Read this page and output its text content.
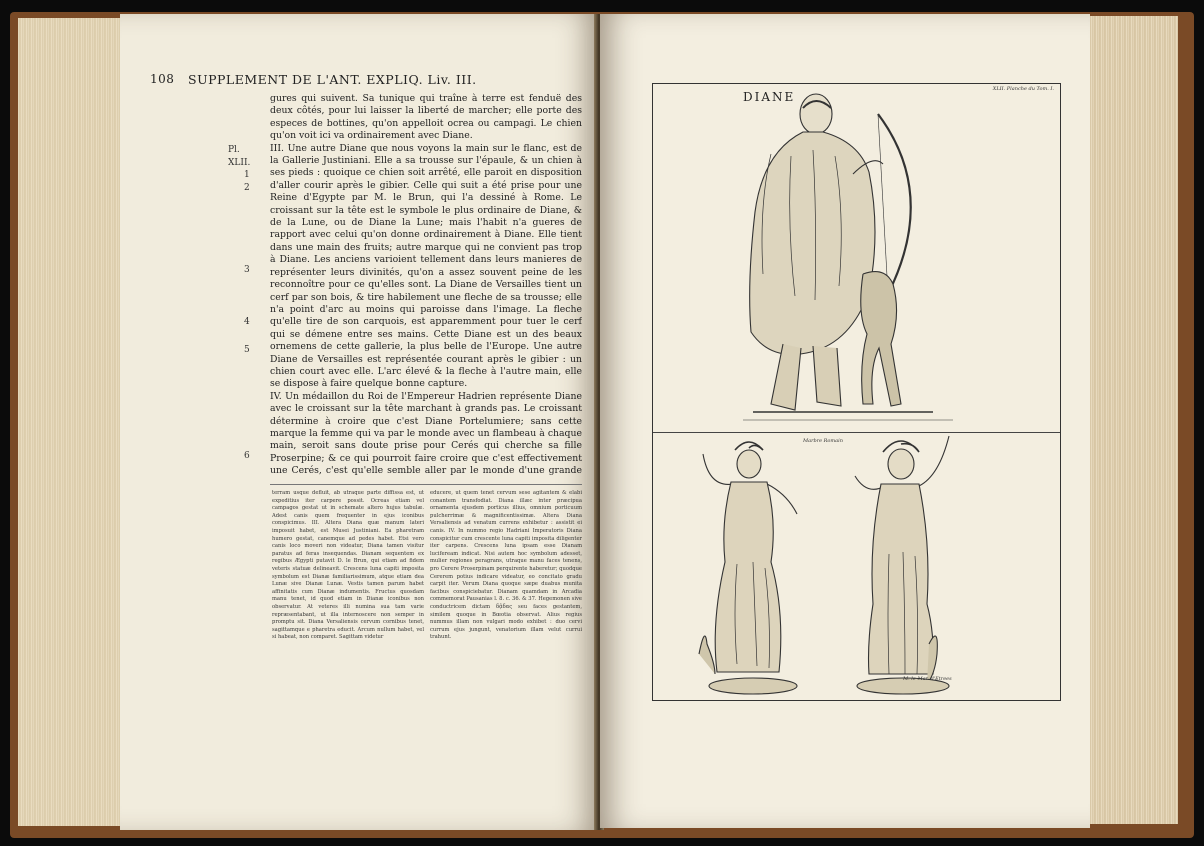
108 SUPPLEMENT DE L'ANT. EXPLIQ. Liv. III.
Pl.
XLII.
1
2
3
4
5
6

gures qui suivent. Sa tunique qui traîne à terre est fenduë des deux côtés, pour lui laisser la liberté de marcher; elle porte des especes de bottines, qu'on appelloit ocrea ou campagi. Le chien qu'on voit ici va ordinairement avec Diane.

III. Une autre Diane que nous voyons la main sur le flanc, est de la Gallerie Justiniani. Elle a sa trousse sur l'épaule, & un chien à ses pieds : quoique ce chien soit arrêté, elle paroit en disposition d'aller courir après le gibier. Celle qui suit a été prise pour une Reine d'Egypte par M. le Brun, qui l'a dessiné à Rome. Le croissant sur la tête est le symbole le plus ordinaire de Diane, & de la Lune, ou de Diane la Lune; mais l'habit n'a gueres de rapport avec celui qu'on donne ordinairement à Diane. Elle tient dans une main des fruits; autre marque qui ne convient pas trop à Diane. Les anciens varioient tellement dans leurs manieres de représenter leurs divinités, qu'on a assez souvent peine de les reconnoître pour ce qu'elles sont. La Diane de Versailles tient un cerf par son bois, & tire habilement une fleche de sa trousse; elle n'a point d'arc au moins qui paroisse dans l'image. La fleche qu'elle tire de son carquois, est apparemment pour tuer le cerf qui se démene entre ses mains. Cette Diane est un des beaux ornemens de cette gallerie, la plus belle de l'Europe. Une autre Diane de Versailles est représentée courant après le gibier : un chien court avec elle. L'arc élevé & la fleche à l'autre main, elle se dispose à faire quelque bonne capture.

IV. Un médaillon du Roi de l'Empereur Hadrien représente Diane avec le croissant sur la tête marchant à grands pas. Le croissant détermine à croire que c'est Diane Portelumiere; sans cette marque la femme qui va par le monde avec un flambeau à chaque main, seroit sans doute prise pour Cerés qui cherche sa fille Proserpine; & ce qui pourroit faire croire que c'est effectivement une Cerés, c'est qu'elle semble aller par le monde d'une grande

terram usque defluit, ab utraque parte diffissa est, ut expeditius iter carpere possit. Ocreas etiam vel campagos gestat ut in schemate altero hujus tabulæ. Adest canis quem frequenter in ejus iconibus conspicimus. III. Altera Diana quæ manum lateri imposuit habet, est Musei Justiniani. Ea pharetram humero gestat, canemque ad pedes habet. Etsi vero canis loco moveri non videatur, Diana tamen visitur paratus ad feras insequendas. Dianam sequentem ex regibus Ægypti putavit D. le Brun, qui etiam ad fidem veteris statuæ delineavit. Crescens luna capiti imposita symbolum est Dianæ familiarissimum, atque etiam dea Lunæ sive Dianæ Lunæ. Vestis tamen parum habet affinitatis cum Dianæ indumentis. Fructus quosdam manu tenet, id quod etiam in Dianæ iconibus non observatur. At veteres illi numina sua tam varie repræsentabant, ut illa internoscere non semper in promptu sit. Diana Versaliensis cervum cornibus tenet, sagittamque e pharetra educit. Arcum nullum habet, vel si habeat, non comparet. Sagittam videtur
educere, ut quem tenet cervum sese agitantem & elabi conantem transfodiat. Diana illæc inter præcipua ornamenta ejusdem porticus illius, omnium porticuum pulcherrimæ & magnificentissimæ. Altera Diana Versaliensis ad venatum currens exhibetur : assistit ei canis. IV. In nummo regio Hadriani Imperatoris Diana conspicitur cum crescente luna capiti imposita diligenter iter carpens. Crescens luna ipsam esse Dianam lucifeream indicat. Nisi autem hoc symbolum adesset, mulier regiones peragrans, utraque manu faces tenens, pro Cerere Proserpinam perquirente haberetur; quodque Cererem potius indicare videatur, eo concitato gradu carpit iter. Verum Diana quoque sæpe duabus munita facibus conspiciebatur. Dianam quamdam in Arcadia commemorat Pausanias l. 8. c. 36. & 37. Hegemonen sive conductricem dictam δᾷδας seu faces gestantem, similem quoque in Bœotia observat. Alius regius nummus illam non vulgari modo exhibet : duo cervi currum ejus jungunt, venatorium illam velut currui trahunt.
DIANE
XLII. Planche du Tom. I.
Marbre Romain
M. le Mar. d'Etrees
